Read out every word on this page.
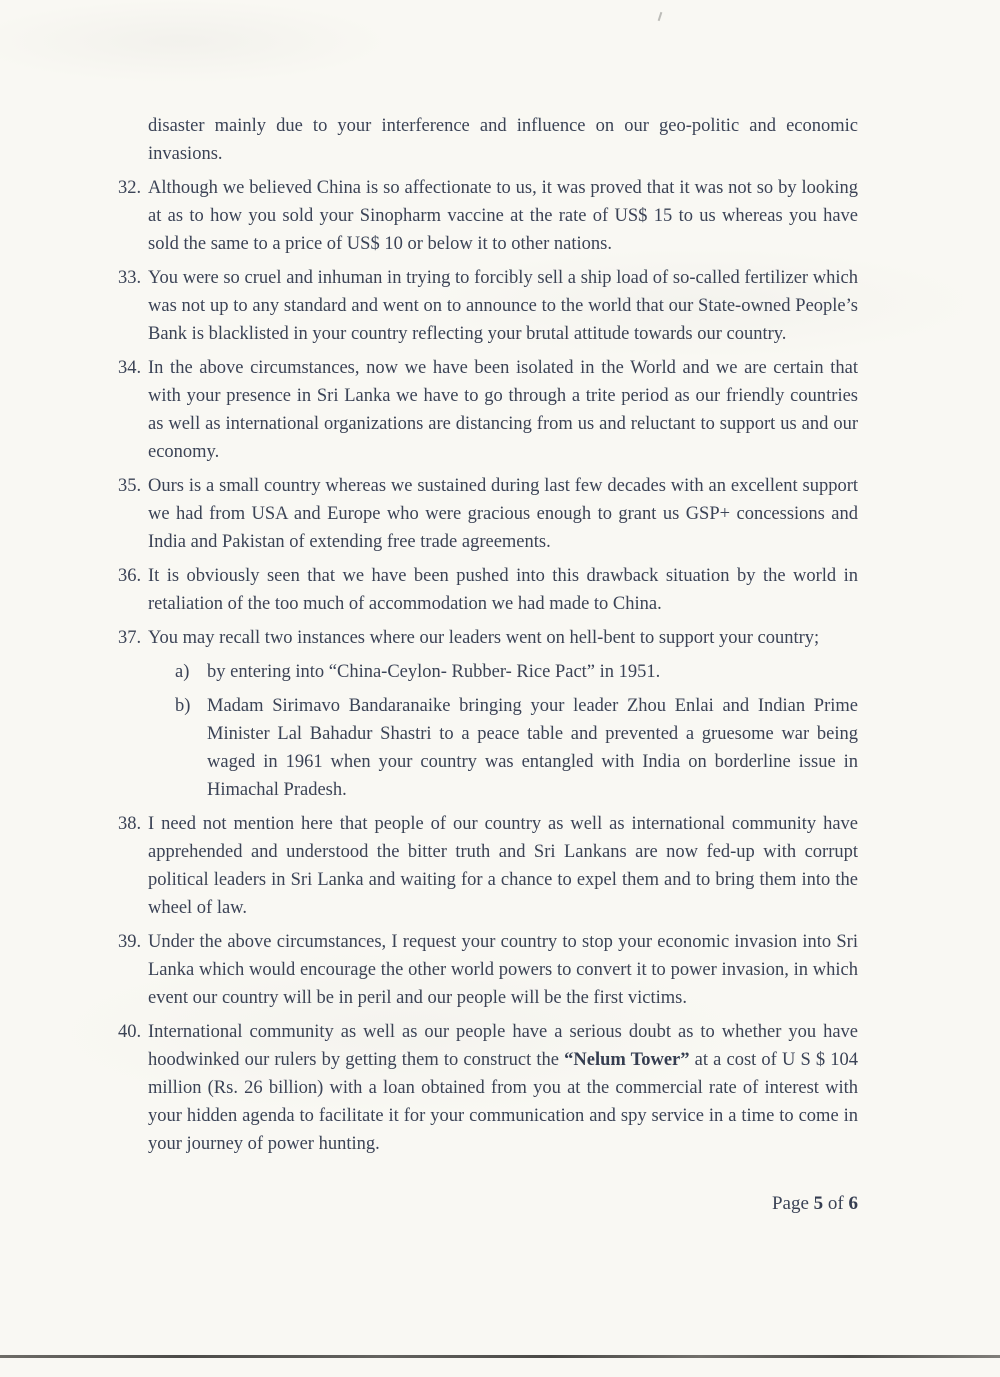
disaster mainly due to your interference and influence on our geo-politic and economic invasions.

32. Although we believed China is so affectionate to us, it was proved that it was not so by looking at as to how you sold your Sinopharm vaccine at the rate of US$ 15 to us whereas you have sold the same to a price of US$ 10 or below it to other nations.

33. You were so cruel and inhuman in trying to forcibly sell a ship load of so-called fertilizer which was not up to any standard and went on to announce to the world that our State-owned People’s Bank is blacklisted in your country reflecting your brutal attitude towards our country.

34. In the above circumstances, now we have been isolated in the World and we are certain that with your presence in Sri Lanka we have to go through a trite period as our friendly countries as well as international organizations are distancing from us and reluctant to support us and our economy.

35. Ours is a small country whereas we sustained during last few decades with an excellent support we had from USA and Europe who were gracious enough to grant us GSP+ concessions and India and Pakistan of extending free trade agreements.

36. It is obviously seen that we have been pushed into this drawback situation by the world in retaliation of the too much of accommodation we had made to China.

37. You may recall two instances where our leaders went on hell-bent to support your country;

a) by entering into “China-Ceylon- Rubber- Rice Pact” in 1951.

b) Madam Sirimavo Bandaranaike bringing your leader Zhou Enlai and Indian Prime Minister Lal Bahadur Shastri to a peace table and prevented a gruesome war being waged in 1961 when your country was entangled with India on borderline issue in Himachal Pradesh.

38. I need not mention here that people of our country as well as international community have apprehended and understood the bitter truth and Sri Lankans are now fed-up with corrupt political leaders in Sri Lanka and waiting for a chance to expel them and to bring them into the wheel of law.

39. Under the above circumstances, I request your country to stop your economic invasion into Sri Lanka which would encourage the other world powers to convert it to power invasion, in which event our country will be in peril and our people will be the first victims.

40. International community as well as our people have a serious doubt as to whether you have hoodwinked our rulers by getting them to construct the “Nelum Tower” at a cost of U S $ 104 million (Rs. 26 billion) with a loan obtained from you at the commercial rate of interest with your hidden agenda to facilitate it for your communication and spy service in a time to come in your journey of power hunting.

Page 5 of 6
